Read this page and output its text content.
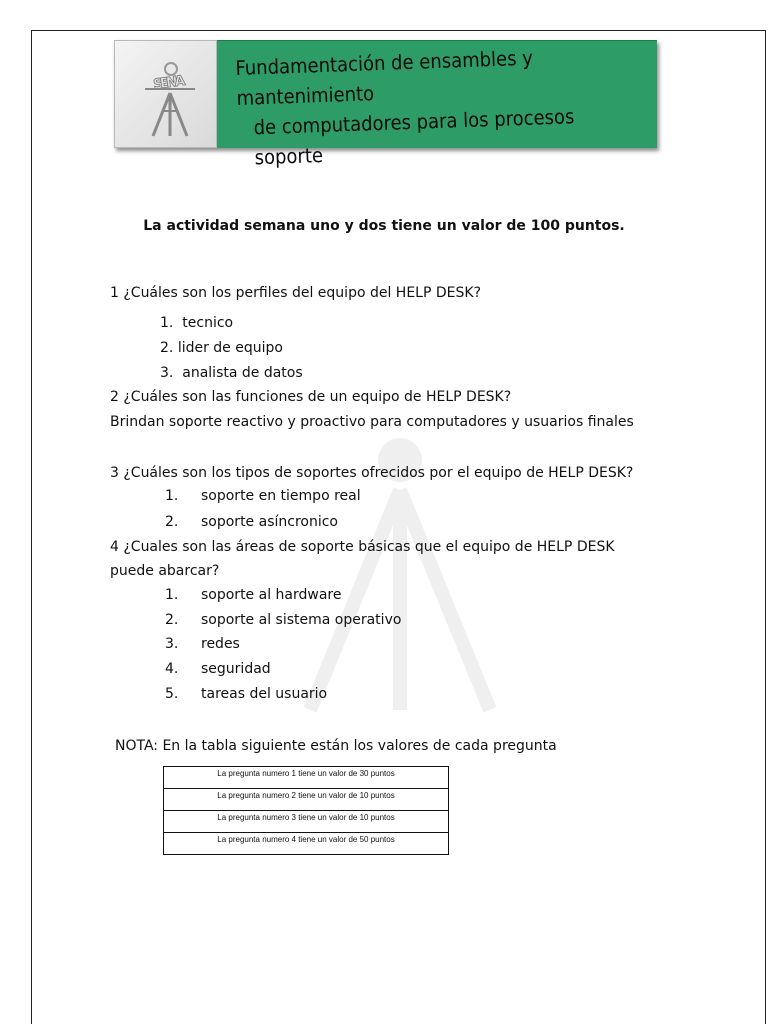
SENA
Fundamentación de ensambles y mantenimiento
de computadores para los procesos soporte
La actividad semana uno y dos tiene un valor de 100 puntos.
1 ¿Cuáles son los perfiles del equipo del HELP DESK?
1. tecnico
2. lider de equipo
3. analista de datos
2 ¿Cuáles son las funciones de un equipo de HELP DESK?
Brindan soporte reactivo y proactivo para computadores y usuarios finales
3 ¿Cuáles son los tipos de soportes ofrecidos por el equipo de HELP DESK?
1. soporte en tiempo real
2. soporte asíncronico
4 ¿Cuales son las áreas de soporte básicas que el equipo de HELP DESK
puede abarcar?
1. soporte al hardware
2. soporte al sistema operativo
3. redes
4. seguridad
5. tareas del usuario
NOTA: En la tabla siguiente están los valores de cada pregunta
La pregunta numero 1 tiene un valor de 30 puntos
La pregunta numero 2 tiene un valor de 10 puntos
La pregunta numero 3 tiene un valor de 10 puntos
La pregunta numero 4 tiene un valor de 50 puntos
